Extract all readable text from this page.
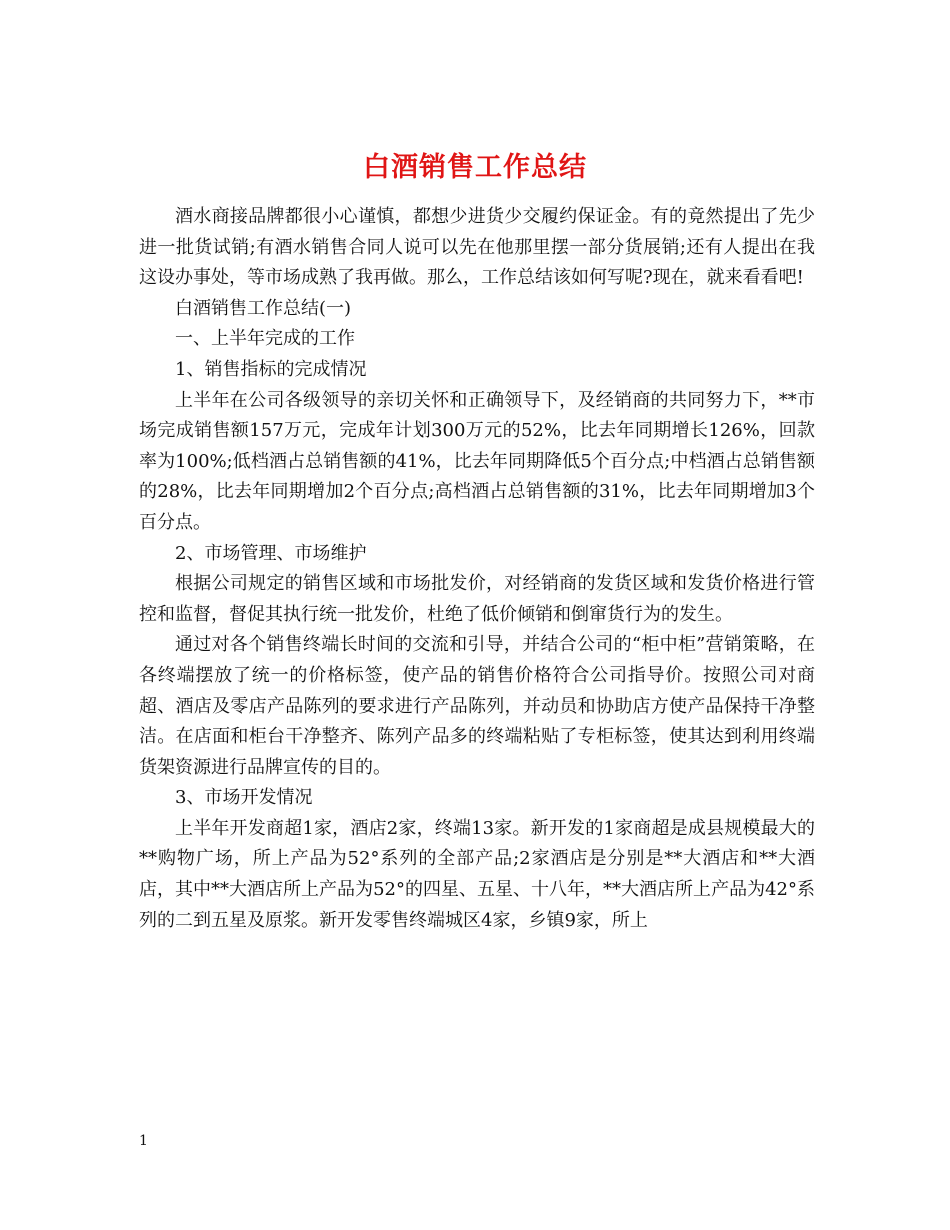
白酒销售工作总结

酒水商接品牌都很小心谨慎，都想少进货少交履约保证金。有的竟然提出了先少进一批货试销;有酒水销售合同人说可以先在他那里摆一部分货展销;还有人提出在我这设办事处，等市场成熟了我再做。那么，工作总结该如何写呢?现在，就来看看吧!

白酒销售工作总结(一)

一、上半年完成的工作

1、销售指标的完成情况

上半年在公司各级领导的亲切关怀和正确领导下，及经销商的共同努力下，**市场完成销售额157万元，完成年计划300万元的52%，比去年同期增长126%，回款率为100%;低档酒占总销售额的41%，比去年同期降低5个百分点;中档酒占总销售额的28%，比去年同期增加2个百分点;高档酒占总销售额的31%，比去年同期增加3个百分点。

2、市场管理、市场维护

根据公司规定的销售区域和市场批发价，对经销商的发货区域和发货价格进行管控和监督，督促其执行统一批发价，杜绝了低价倾销和倒窜货行为的发生。

通过对各个销售终端长时间的交流和引导，并结合公司的“柜中柜”营销策略，在各终端摆放了统一的价格标签，使产品的销售价格符合公司指导价。按照公司对商超、酒店及零店产品陈列的要求进行产品陈列，并动员和协助店方使产品保持干净整洁。在店面和柜台干净整齐、陈列产品多的终端粘贴了专柜标签，使其达到利用终端货架资源进行品牌宣传的目的。

3、市场开发情况

上半年开发商超1家，酒店2家，终端13家。新开发的1家商超是成县规模最大的**购物广场，所上产品为52°系列的全部产品;2家酒店是分别是**大酒店和**大酒店，其中**大酒店所上产品为52°的四星、五星、十八年，**大酒店所上产品为42°系列的二到五星及原浆。新开发零售终端城区4家，乡镇9家，所上

1
